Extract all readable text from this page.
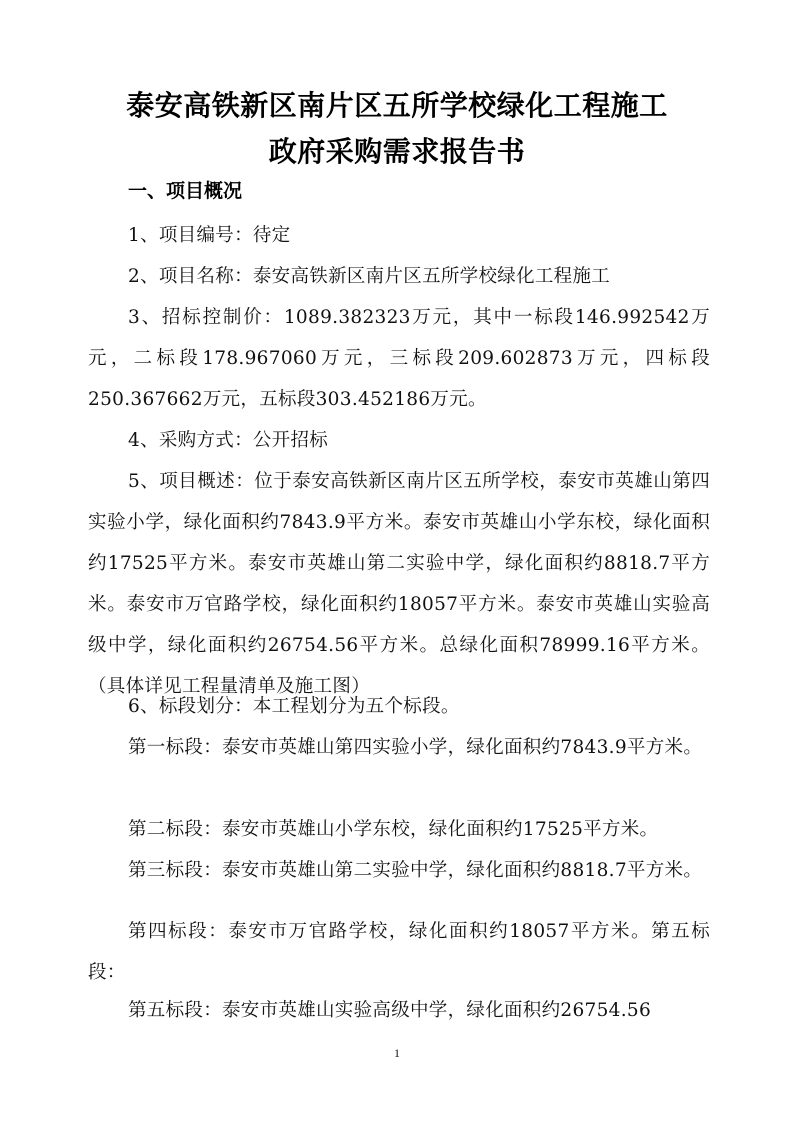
泰安高铁新区南片区五所学校绿化工程施工
政府采购需求报告书
一、项目概况

1、项目编号：待定

2、项目名称：泰安高铁新区南片区五所学校绿化工程施工

3、招标控制价：1089.382323万元，其中一标段146.992542万元，二标段178.967060万元，三标段209.602873万元，四标段250.367662万元，五标段303.452186万元。

4、采购方式：公开招标

5、项目概述：位于泰安高铁新区南片区五所学校，泰安市英雄山第四实验小学，绿化面积约7843.9平方米。泰安市英雄山小学东校，绿化面积约17525平方米。泰安市英雄山第二实验中学，绿化面积约8818.7平方米。泰安市万官路学校，绿化面积约18057平方米。泰安市英雄山实验高级中学，绿化面积约26754.56平方米。总绿化面积78999.16平方米。（具体详见工程量清单及施工图）

6、标段划分：本工程划分为五个标段。

第一标段：泰安市英雄山第四实验小学，绿化面积约7843.9平方米。

第二标段：泰安市英雄山小学东校，绿化面积约17525平方米。

第三标段：泰安市英雄山第二实验中学，绿化面积约8818.7平方米。

第四标段：泰安市万官路学校，绿化面积约18057平方米。第五标段：

第五标段：泰安市英雄山实验高级中学，绿化面积约26754.56

1
